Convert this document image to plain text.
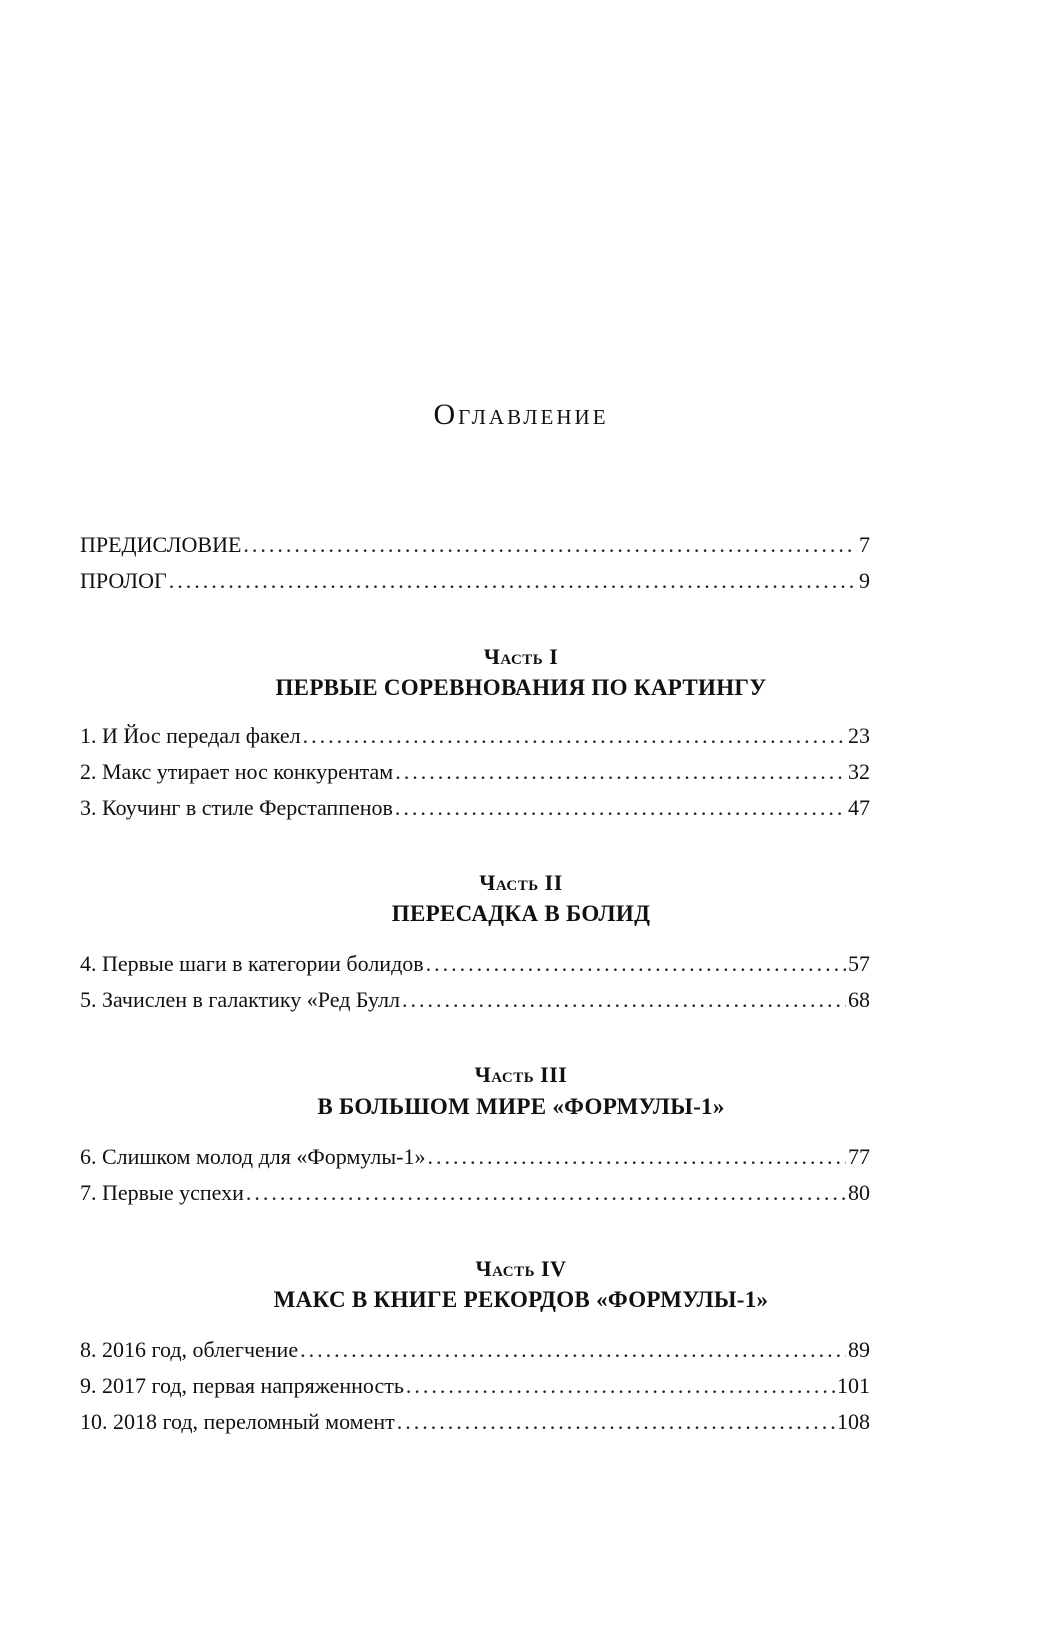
Оглавление
ПРЕДИСЛОВИЕ .....	7
ПРОЛОГ .....	9
Часть I
ПЕРВЫЕ СОРЕВНОВАНИЯ ПО КАРТИНГУ
1. И Йос передал факел .....	23
2. Макс утирает нос конкурентам .....	32
3. Коучинг в стиле Ферстаппенов .....	47
Часть II
ПЕРЕСАДКА В БОЛИД
4. Первые шаги в категории болидов .....	57
5. Зачислен в галактику «Ред Булл .....	68
Часть III
В БОЛЬШОМ МИРЕ «ФОРМУЛЫ-1»
6. Слишком молод для «Формулы-1» .....	77
7. Первые успехи .....	80
Часть IV
МАКС В КНИГЕ РЕКОРДОВ «ФОРМУЛЫ-1»
8. 2016 год, облегчение .....	89
9. 2017 год, первая напряженность .....	101
10. 2018 год, переломный момент .....	108
